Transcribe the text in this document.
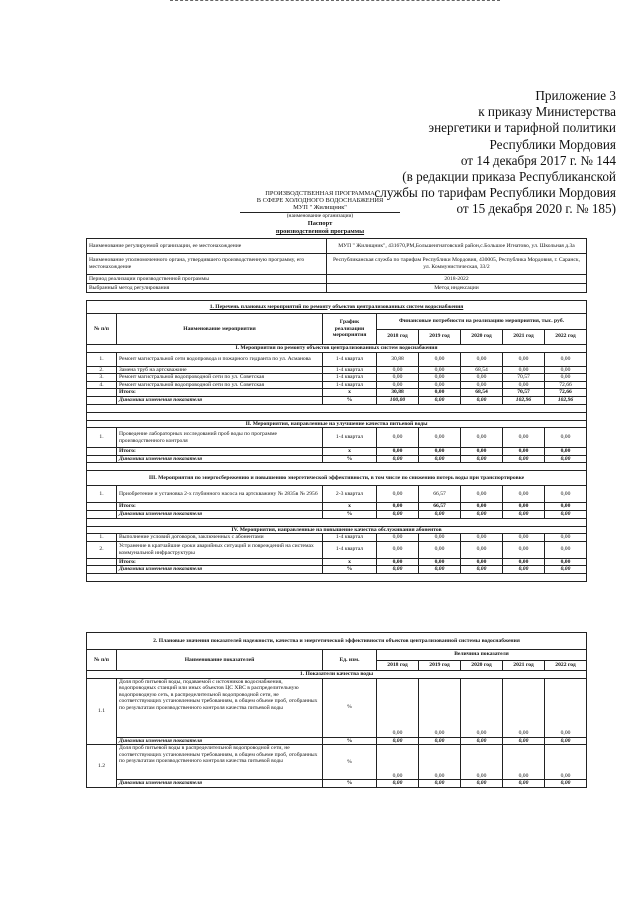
Приложение 3
к приказу Министерства
энергетики и тарифной политики
Республики Мордовия
от 14 декабря 2017 г. № 144
(в редакции приказа Республиканской
службы по тарифам Республики Мордовия
от 15 декабря 2020 г. № 185)
ПРОИЗВОДСТВЕННАЯ ПРОГРАММА
В СФЕРЕ ХОЛОДНОГО ВОДОСНАБЖЕНИЯ
МУП " Жилищник"
(наименование организации)
Паспорт
производственной программы
Наименование регулируемой организации, ее местонахождение	МУП " Жилищник", 431670,РМ,Большеигнатовский район,с.Большое Игнатово, ул. Школьная д.3а
Наименование уполномоченного органа, утвердившего производственную программу, его местонахождение	Республиканская служба по тарифам Республики Мордовия, 430005, Республика Мордовия, г. Саранск, ул. Коммунистическая, 33/2
Период реализации производственной программы	2018-2022
Выбранный метод регулирования	Метод индексации
1. Перечень плановых мероприятий по ремонту объектов централизованных систем водоснабжения							
№ п/п	Наименование мероприятия	График реализации мероприятия	Финансовые потребности на реализацию мероприятия, тыс. руб.				
			2018 год	2019 год	2020 год	2021 год	2022 год
I. Мероприятия по ремонту объектов централизованных систем водоснабжения							
1.	Ремонт магистральной сети водопровода и пожарного гидранта по ул. Асманова	1-4 квартал	30,88	0,00	0,00	0,00	0,00
2.	Замена труб на артскважине	1-4 квартал	0,00	0,00	68,54	0,00	0,00
3.	Ремонт магистральной водопроводной сети по ул. Советская	1-4 квартал	0,00	0,00	0,00	70,57	0,00
4.	Ремонт магистральной водопроводной сети по ул. Советская	1-4 квартал	0,00	0,00	0,00	0,00	72,66
	Итого:	x	30,88	0,00	68,54	70,57	72,66
	Динамика изменения показателя	%	100,00	0,00	0,00	102,96	102,96

II. Мероприятия, направленные на улучшение качества питьевой воды							
1.	Проведение лабораторных исследований проб воды по программе производственного контроля	1-4 квартал	0,00	0,00	0,00	0,00	0,00
	Итого:	x	0,00	0,00	0,00	0,00	0,00
	Динамика изменения показателя	%	0,00	0,00	0,00	0,00	0,00

III. Мероприятия по энергосбережению и повышению энергетической эффективности, в том числе по снижению потерь воды при транспортировке							
1.	Приобретение и установка 2-х глубинного насоса на артскважину № 2835в № 2956	2-3 квартал	0,00	66,57	0,00	0,00	0,00
	Итого:	x	0,00	66,57	0,00	0,00	0,00
	Динамика изменения показателя	%	0,00	0,00	0,00	0,00	0,00

IV. Мероприятия, направленные на повышение качества обслуживания абонентов							
1.	Выполнение условий договоров, заключенных с абонентами	1-4 квартал	0,00	0,00	0,00	0,00	0,00
2.	Устранение в кратчайшие сроки аварийных ситуаций и повреждений на системах коммунальной инфраструктуры	1-4 квартал	0,00	0,00	0,00	0,00	0,00
	Итого:	x	0,00	0,00	0,00	0,00	0,00
	Динамика изменения показателя	%	0,00	0,00	0,00	0,00	0,00

2. Плановые значения показателей надежности, качества и энергетической эффективности объектов централизованной системы водоснабжения							
№ п/п	Наименование показателей	Ед. изм.	Величина показателя				
			2018 год	2019 год	2020 год	2021 год	2022 год
1. Показатели качества воды							
1.1	Доля проб питьевой воды, подаваемой с источников водоснабжения, водопроводных станций или иных объектов ЦС ХВС в распределительную водопроводную сеть, в распределительной водопроводной сети, не соответствующих установленным требованиям, в общем объеме проб, отобранных по результатам производственного контроля качества питьевой воды	%	0,00	0,00	0,00	0,00	0,00
	Динамика изменения показателя	%	0,00	0,00	0,00	0,00	0,00
1.2	Доля проб питьевой воды в распределительной водопроводной сети, не соответствующих установленным требованиям, в общем объеме проб, отобранных по результатам производственного контроля качества питьевой воды	%	0,00	0,00	0,00	0,00	0,00
	Динамика изменения показателя	%	0,00	0,00	0,00	0,00	0,00
